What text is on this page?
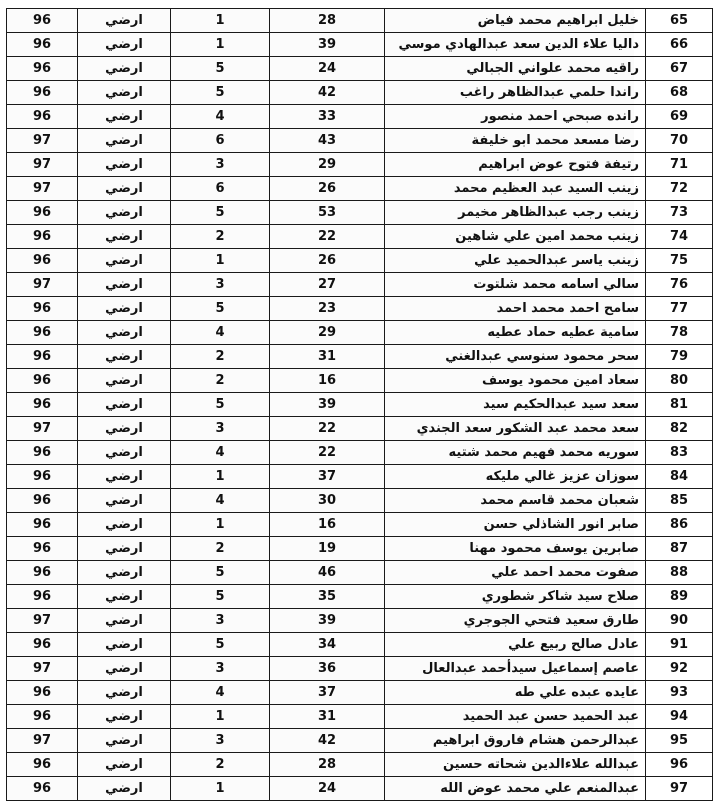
65	خليل ابراهيم محمد فياض	28	1	ارضي	96
66	داليا علاء الدين سعد عبدالهادي موسي	39	1	ارضي	96
67	راقيه محمد علواني الجبالي	24	5	ارضي	96
68	راندا حلمي عبدالظاهر راغب	42	5	ارضي	96
69	رانده صبحي احمد منصور	33	4	ارضي	96
70	رضا مسعد محمد ابو خليفة	43	6	ارضي	97
71	رتيفة فتوح عوض ابراهيم	29	3	ارضي	97
72	زينب السيد عبد العظيم محمد	26	6	ارضي	97
73	زينب رجب عبدالظاهر مخيمر	53	5	ارضي	96
74	زينب محمد امين علي شاهين	22	2	ارضي	96
75	زينب ياسر عبدالحميد علي	26	1	ارضي	96
76	سالي اسامه محمد شلتوت	27	3	ارضي	97
77	سامح احمد محمد احمد	23	5	ارضي	96
78	سامية عطيه حماد عطيه	29	4	ارضي	96
79	سحر محمود سنوسي عبدالغني	31	2	ارضي	96
80	سعاد امين محمود يوسف	16	2	ارضي	96
81	سعد سيد عبدالحكيم سيد	39	5	ارضي	96
82	سعد محمد عبد الشكور سعد الجندي	22	3	ارضي	97
83	سوريه محمد فهيم محمد شتيه	22	4	ارضي	96
84	سوزان عزيز غالي مليكه	37	1	ارضي	96
85	شعبان محمد قاسم محمد	30	4	ارضي	96
86	صابر انور الشاذلي حسن	16	1	ارضي	96
87	صابرين يوسف محمود مهنا	19	2	ارضي	96
88	صفوت محمد احمد علي	46	5	ارضي	96
89	صلاح سيد شاكر شطوري	35	5	ارضي	96
90	طارق سعيد فتحي الجوجري	39	3	ارضي	97
91	عادل صالح ربيع علي	34	5	ارضي	96
92	عاصم إسماعيل سيدأحمد عبدالعال	36	3	ارضي	97
93	عايده عبده علي طه	37	4	ارضي	96
94	عبد الحميد حسن عبد الحميد	31	1	ارضي	96
95	عبدالرحمن هشام فاروق ابراهيم	42	3	ارضي	97
96	عبدالله علاءالدين شحاته حسين	28	2	ارضي	96
97	عبدالمنعم علي محمد عوض الله	24	1	ارضي	96
